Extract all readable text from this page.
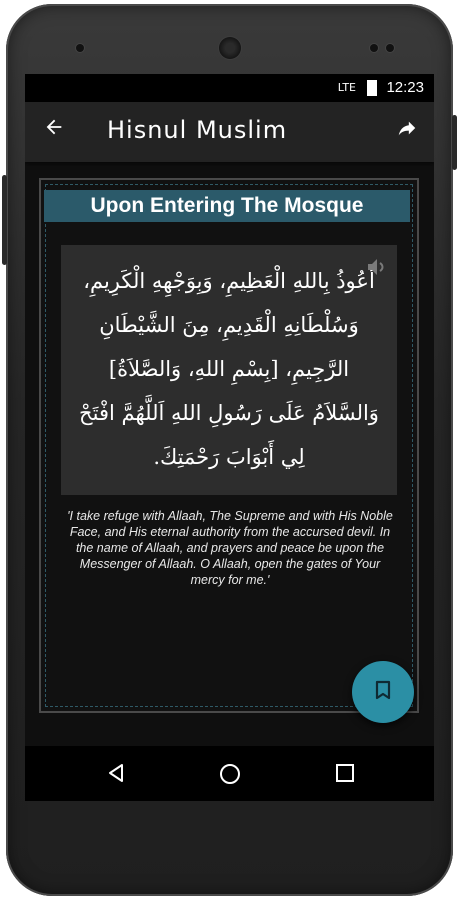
LTE 12:23
Hisnul Muslim
Upon Entering The Mosque
أَعُوذُ بِاللهِ الْعَظِيمِ، وَبِوَجْهِهِ الْكَرِيمِ، وَسُلْطَانِهِ الْقَدِيمِ، مِنَ الشَّيْطَانِ الرَّجِيمِ، [بِسْمِ اللهِ، وَالصَّلاَةُ] وَالسَّلاَمُ عَلَى رَسُولِ اللهِ اَللَّهُمَّ افْتَحْ لِي أَبْوَابَ رَحْمَتِكَ.
'I take refuge with Allaah, The Supreme and with His Noble Face, and His eternal authority from the accursed devil. In the name of Allaah, and prayers and peace be upon the Messenger of Allaah. O Allaah, open the gates of Your mercy for me.'
